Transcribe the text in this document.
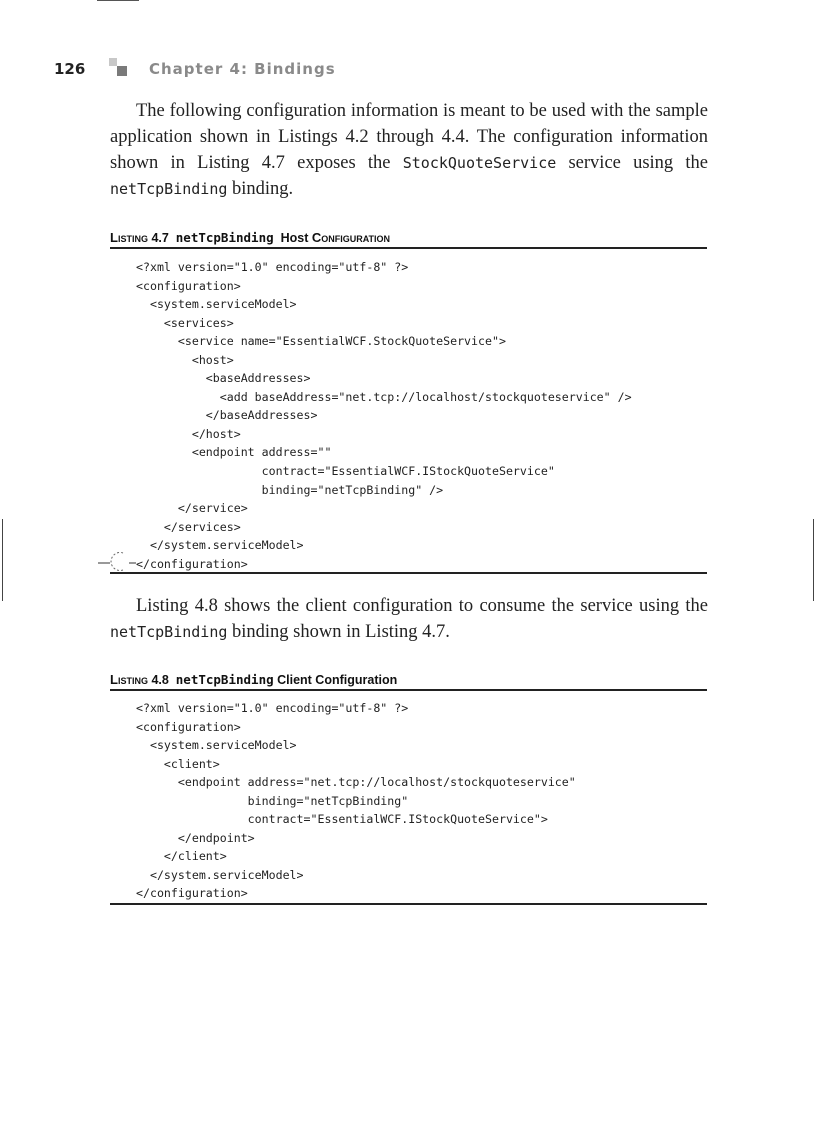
126	Chapter 4: Bindings

The following configuration information is meant to be used with the sample application shown in Listings 4.2 through 4.4. The configuration information shown in Listing 4.7 exposes the StockQuoteService service using the netTcpBinding binding.

Listing 4.7 netTcpBinding Host Configuration
<?xml version="1.0" encoding="utf-8" ?>
<configuration>
<system.serviceModel>
<services>
<service name="EssentialWCF.StockQuoteService">
<host>
<baseAddresses>
<add baseAddress="net.tcp://localhost/stockquoteservice" />
</baseAddresses>
</host>
<endpoint address=""
contract="EssentialWCF.IStockQuoteService"
binding="netTcpBinding" />
</service>
</services>
</system.serviceModel>
</configuration>

Listing 4.8 shows the client configuration to consume the service using the netTcpBinding binding shown in Listing 4.7.

Listing 4.8 netTcpBinding Client Configuration
<?xml version="1.0" encoding="utf-8" ?>
<configuration>
<system.serviceModel>
<client>
<endpoint address="net.tcp://localhost/stockquoteservice"
binding="netTcpBinding"
contract="EssentialWCF.IStockQuoteService">
</endpoint>
</client>
</system.serviceModel>
</configuration>
